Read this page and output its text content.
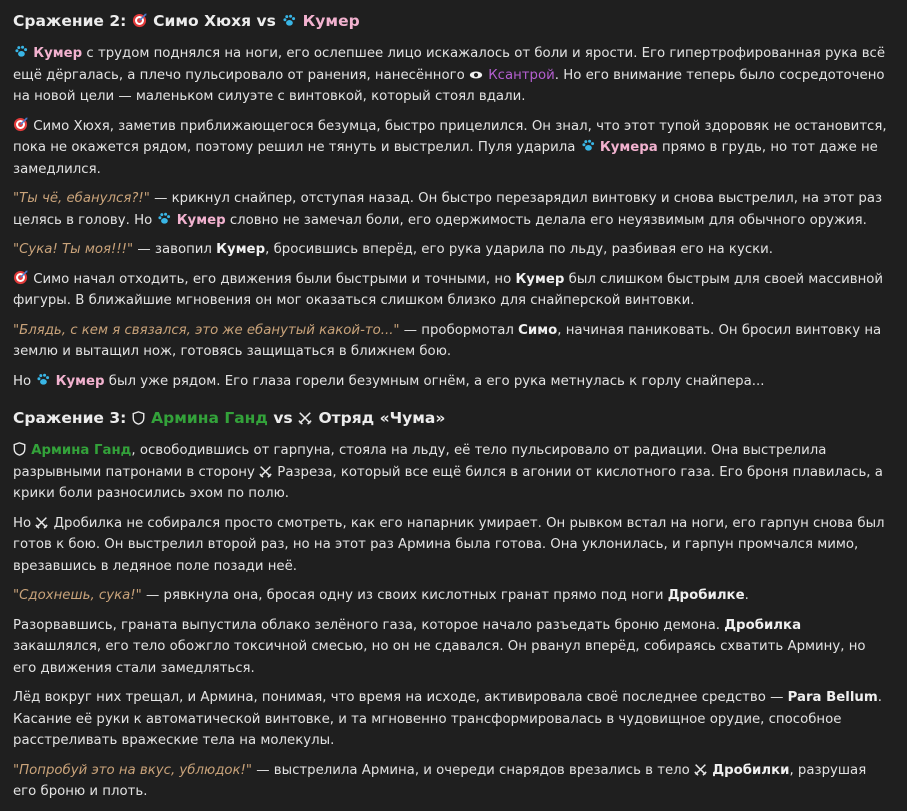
Сражение 2: Симо Хюхя vs Кумер

Кумер с трудом поднялся на ноги, его ослепшее лицо искажалось от боли и ярости. Его гипертрофированная рука всё ещё дёргалась, а плечо пульсировало от ранения, нанесённого
Ксантрой. Но его внимание теперь было сосредоточено на новой цели — маленьком силуэте с винтовкой, который стоял вдали.

Симо Хюхя, заметив приближающегося безумца, быстро прицелился. Он знал, что этот тупой здоровяк не остановится, пока не окажется рядом, поэтому решил не тянуть и выстрелил. Пуля ударила
Кумера прямо в грудь, но тот даже не замедлился.

"Ты чё, ебанулся?!" — крикнул снайпер, отступая назад. Он быстро перезарядил винтовку и снова выстрелил, на этот раз целясь в голову. Но
Кумер словно не замечал боли, его одержимость делала его неуязвимым для обычного оружия.

"Сука! Ты моя!!!" — завопил Кумер, бросившись вперёд, его рука ударила по льду, разбивая его на куски.

Симо начал отходить, его движения были быстрыми и точными, но Кумер был слишком быстрым для своей массивной фигуры. В ближайшие мгновения он мог оказаться слишком близко для снайперской винтовки.

"Блядь, с кем я связался, это же ебанутый какой-то..." — пробормотал Симо, начиная паниковать. Он бросил винтовку на землю и вытащил нож, готовясь защищаться в ближнем бою.

Но
Кумер был уже рядом. Его глаза горели безумным огнём, а его рука метнулась к горлу снайпера...

Сражение 3: Армина Ганд vs Отряд «Чума»

Армина Ганд, освободившись от гарпуна, стояла на льду, её тело пульсировало от радиации. Она выстрелила разрывными патронами в сторону
Разреза, который все ещё бился в агонии от кислотного газа. Его броня плавилась, а крики боли разносились эхом по полю.

Но
Дробилка не собирался просто смотреть, как его напарник умирает. Он рывком встал на ноги, его гарпун снова был готов к бою. Он выстрелил второй раз, но на этот раз Армина была готова. Она уклонилась, и гарпун промчался мимо, врезавшись в ледяное поле позади неё.

"Сдохнешь, сука!" — рявкнула она, бросая одну из своих кислотных гранат прямо под ноги Дробилке.

Разорвавшись, граната выпустила облако зелёного газа, которое начало разъедать броню демона. Дробилка закашлялся, его тело обожгло токсичной смесью, но он не сдавался. Он рванул вперёд, собираясь схватить Армину, но его движения стали замедляться.

Лёд вокруг них трещал, и Армина, понимая, что время на исходе, активировала своё последнее средство — Para Bellum. Касание её руки к автоматической винтовке, и та мгновенно трансформировалась в чудовищное орудие, способное расстреливать вражеские тела на молекулы.

"Попробуй это на вкус, ублюдок!" — выстрелила Армина, и очереди снарядов врезались в тело
Дробилки, разрушая его броню и плоть.
